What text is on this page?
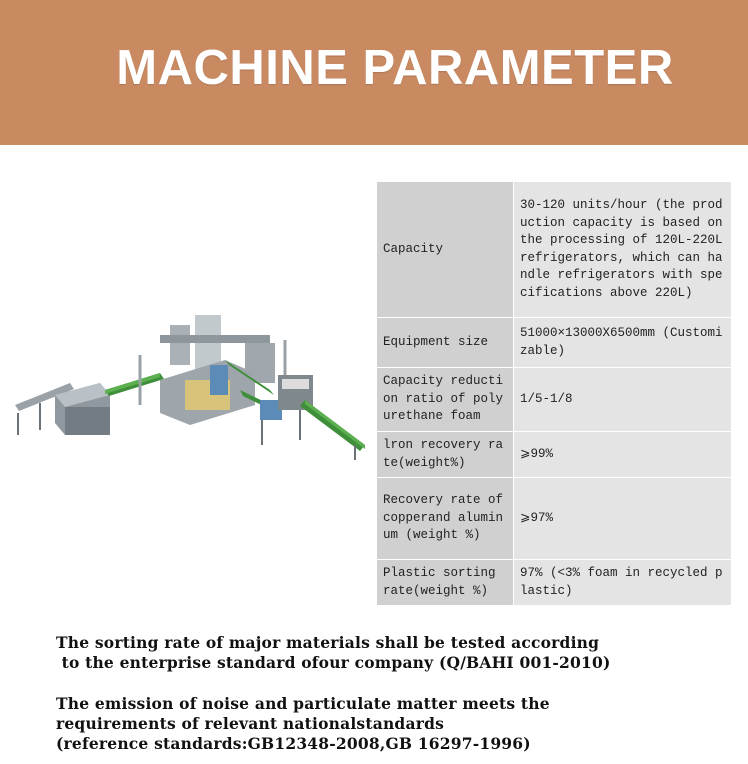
MACHINE PARAMETER
Capacity	30-120 units/hour (the production capacity is based on the processing of 120L-220L refrigerators, which can handle refrigerators with specifications above 220L)
Equipment size	51000×13000X6500mm (Customizable)
Capacity reduction ratio of polyurethane foam	1/5-1/8
lron recovery rate(weight%)	⩾99%
Recovery rate of copperand aluminum (weight %)	⩾97%
Plastic sorting rate(weight %)	97% (<3% foam in recycled plastic)
The sorting rate of major materials shall be tested according
to the enterprise standard ofour company (Q/BAHI 001-2010)
The emission of noise and particulate matter meets the
requirements of relevant nationalstandards
(reference standards:GB12348-2008,GB 16297-1996)
